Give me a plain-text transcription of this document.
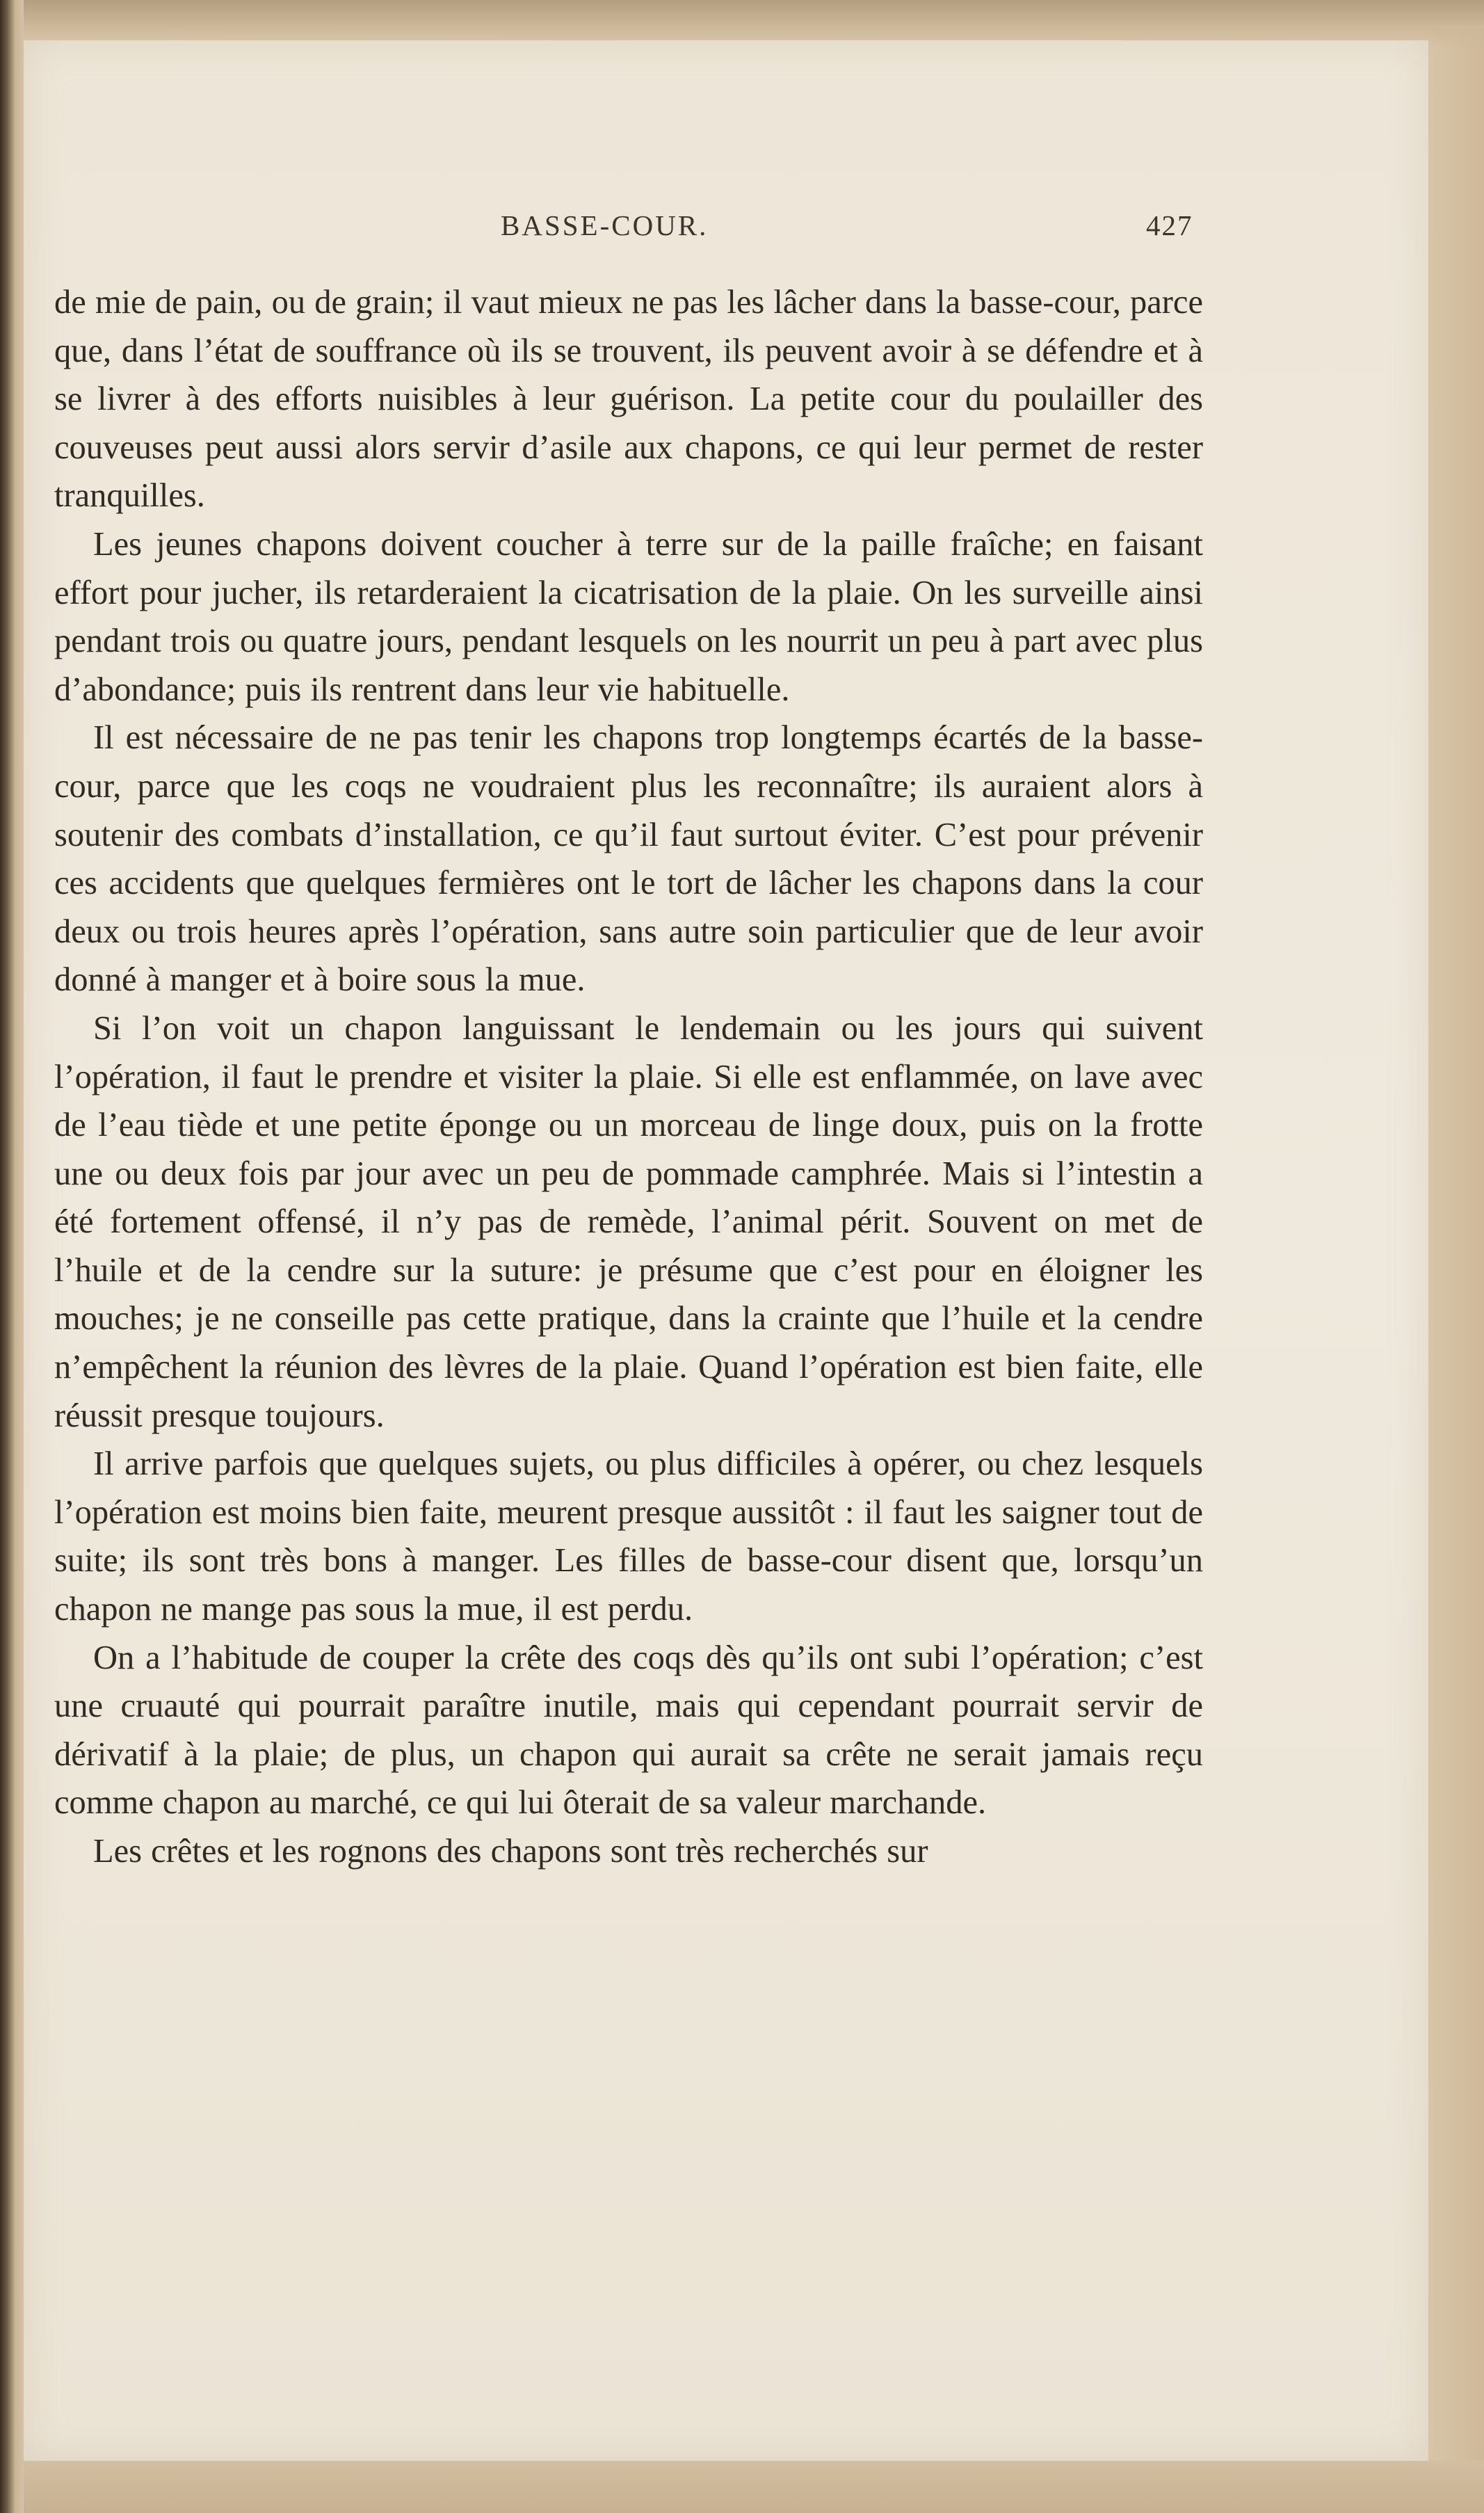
BASSE-COUR.	427

de mie de pain, ou de grain; il vaut mieux ne pas les lâcher dans la basse-cour, parce que, dans l’état de souffrance où ils se trouvent, ils peuvent avoir à se défendre et à se livrer à des efforts nuisibles à leur guérison. La petite cour du poulailler des couveuses peut aussi alors servir d’asile aux chapons, ce qui leur permet de rester tranquilles.

Les jeunes chapons doivent coucher à terre sur de la paille fraîche; en faisant effort pour jucher, ils retarderaient la cicatrisation de la plaie. On les surveille ainsi pendant trois ou quatre jours, pendant lesquels on les nourrit un peu à part avec plus d’abondance; puis ils rentrent dans leur vie habituelle.

Il est nécessaire de ne pas tenir les chapons trop longtemps écartés de la basse-cour, parce que les coqs ne voudraient plus les reconnaître; ils auraient alors à soutenir des combats d’installation, ce qu’il faut surtout éviter. C’est pour prévenir ces accidents que quelques fermières ont le tort de lâcher les chapons dans la cour deux ou trois heures après l’opération, sans autre soin particulier que de leur avoir donné à manger et à boire sous la mue.

Si l’on voit un chapon languissant le lendemain ou les jours qui suivent l’opération, il faut le prendre et visiter la plaie. Si elle est enflammée, on lave avec de l’eau tiède et une petite éponge ou un morceau de linge doux, puis on la frotte une ou deux fois par jour avec un peu de pommade camphrée. Mais si l’intestin a été fortement offensé, il n’y pas de remède, l’animal périt. Souvent on met de l’huile et de la cendre sur la suture: je présume que c’est pour en éloigner les mouches; je ne conseille pas cette pratique, dans la crainte que l’huile et la cendre n’empêchent la réunion des lèvres de la plaie. Quand l’opération est bien faite, elle réussit presque toujours.

Il arrive parfois que quelques sujets, ou plus difficiles à opérer, ou chez lesquels l’opération est moins bien faite, meurent presque aussitôt : il faut les saigner tout de suite; ils sont très bons à manger. Les filles de basse-cour disent que, lorsqu’un chapon ne mange pas sous la mue, il est perdu.

On a l’habitude de couper la crête des coqs dès qu’ils ont subi l’opération; c’est une cruauté qui pourrait paraître inutile, mais qui cependant pourrait servir de dérivatif à la plaie; de plus, un chapon qui aurait sa crête ne serait jamais reçu comme chapon au marché, ce qui lui ôterait de sa valeur marchande.

Les crêtes et les rognons des chapons sont très recherchés sur
